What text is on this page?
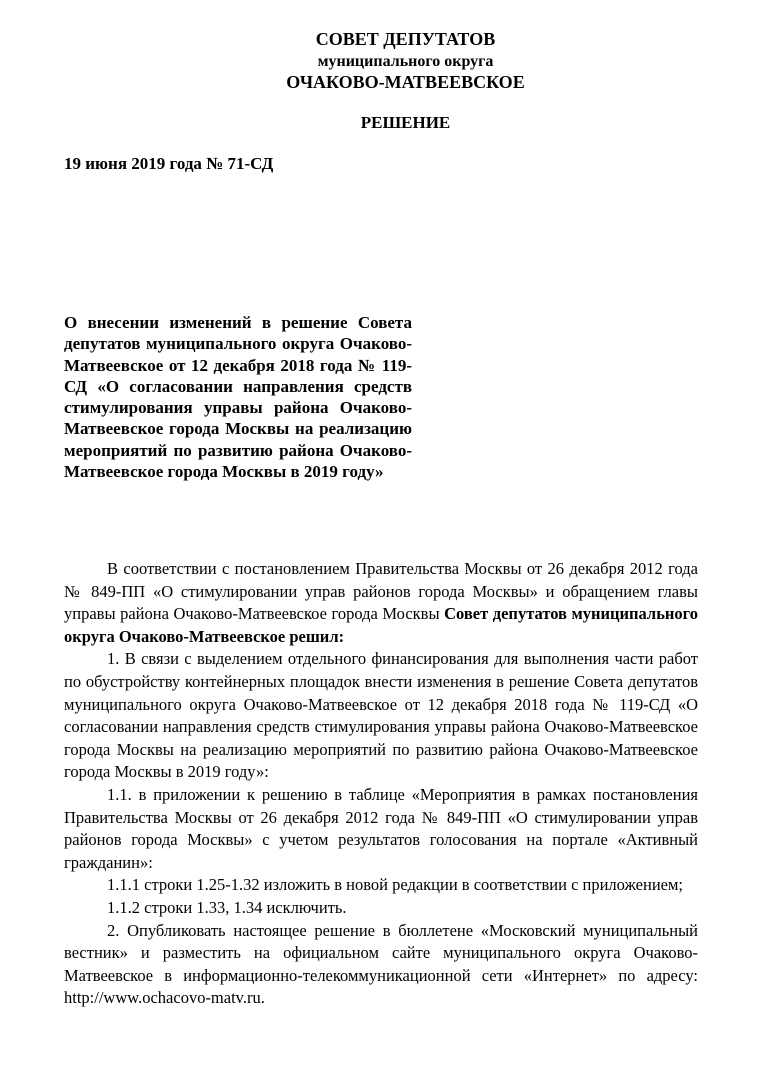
СОВЕТ ДЕПУТАТОВ
муниципального округа
ОЧАКОВО-МАТВЕЕВСКОЕ
РЕШЕНИЕ
19 июня 2019 года № 71-СД
О внесении изменений в решение Совета депутатов муниципального округа Очаково-Матвеевское от 12 декабря 2018 года № 119-СД «О согласовании направления средств стимулирования управы района Очаково-Матвеевское города Москвы на реализацию мероприятий по развитию района Очаково-Матвеевское города Москвы в 2019 году»

В соответствии с постановлением Правительства Москвы от 26 декабря 2012 года № 849-ПП «О стимулировании управ районов города Москвы» и обращением главы управы района Очаково-Матвеевское города Москвы Совет депутатов муниципального округа Очаково-Матвеевское решил:

1. В связи с выделением отдельного финансирования для выполнения части работ по обустройству контейнерных площадок внести изменения в решение Совета депутатов муниципального округа Очаково-Матвеевское от 12 декабря 2018 года № 119-СД «О согласовании направления средств стимулирования управы района Очаково-Матвеевское города Москвы на реализацию мероприятий по развитию района Очаково-Матвеевское города Москвы в 2019 году»:

1.1. в приложении к решению в таблице «Мероприятия в рамках постановления Правительства Москвы от 26 декабря 2012 года № 849-ПП «О стимулировании управ районов города Москвы» с учетом результатов голосования на портале «Активный гражданин»:

1.1.1 строки 1.25-1.32 изложить в новой редакции в соответствии с приложением;

1.1.2 строки 1.33, 1.34 исключить.

2. Опубликовать настоящее решение в бюллетене «Московский муниципальный вестник» и разместить на официальном сайте муниципального округа Очаково-Матвеевское в информационно-телекоммуникационной сети «Интернет» по адресу: http://www.ochacovo-matv.ru.
